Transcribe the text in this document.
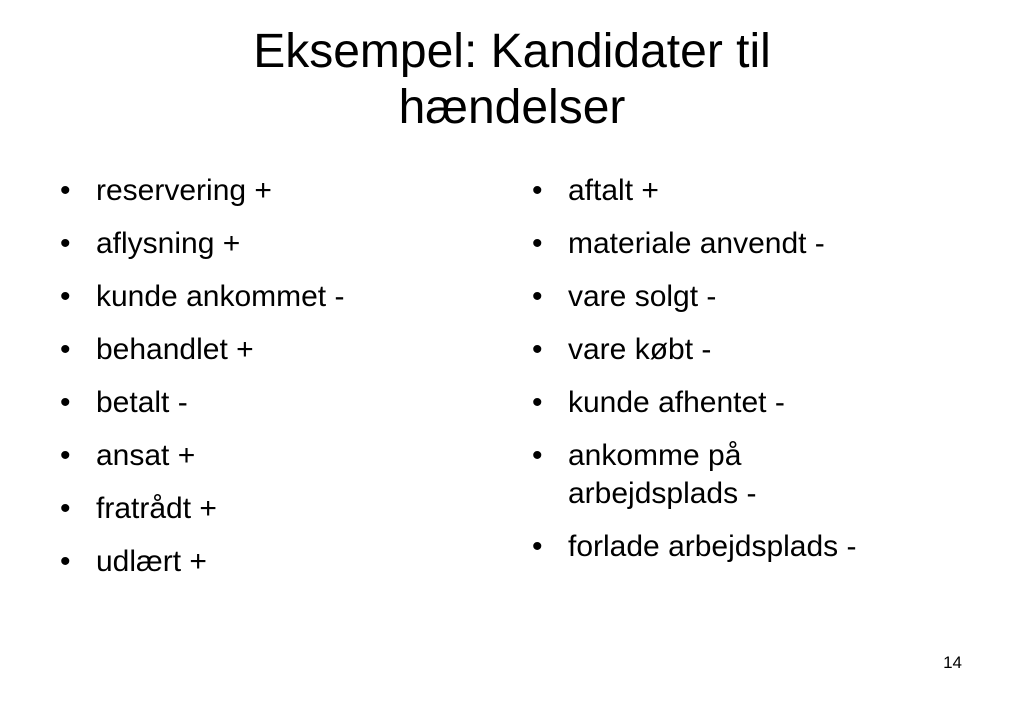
Eksempel: Kandidater til
hændelser
• reservering +
• aflysning +
• kunde ankommet -
• behandlet +
• betalt -
• ansat +
• fratrådt +
• udlært +
• aftalt +
• materiale anvendt -
• vare solgt -
• vare købt -
• kunde afhentet -
• ankomme på arbejdsplads -
• forlade arbejdsplads -
14
